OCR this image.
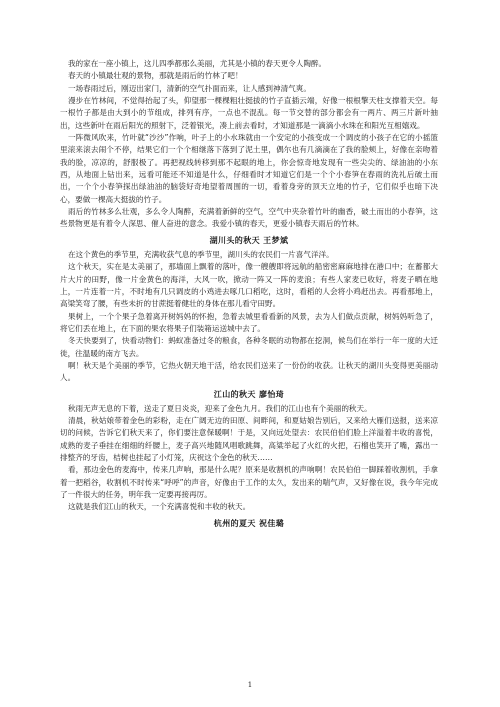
我的家在一座小镇上，这儿四季都那么美丽，尤其是小镇的春天更令人陶醉。
春天的小镇最壮观的景物，那就是雨后的竹林了吧！
一场春雨过后，刚迈出家门，清新的空气扑面而来，让人感到神清气爽。
漫步在竹林间，不觉得抬起了头，仰望那一棵棵粗壮挺拔的竹子直插云端，好像一根根擎天柱支撑着天空。每一根竹子都是由大到小的节组成，排列有序，一点也不混乱。每一节交替的部分都会有一两片、两三片新叶抽出，这些新叶在雨后阳光的照射下，泛着银光，凑上前去看时，才知道那是一滴滴小水珠在和阳光互相嬉戏。
一阵微风吹来，竹叶就“沙沙”作响，叶子上的小水珠就由一个安定的小孩变成一个调皮的小孩子在它的小摇篮里滚来滚去闹个不停，结果它们一个个相继落下落到了泥土里，偶尔也有几滴滴在了我的脸颊上，好像在亲吻着我的脸，凉凉的，舒服极了。再把视线转移到那不起眼的地上，你会惊奇地发现有一些尖尖的、绿油油的小东西，从地面上钻出来，远看可能还不知道是什么，仔细看时才知道它们是一个个小春笋在春雨的洗礼后破土而出，一个个小春笋探出绿油油的脑袋好奇地望着周围的一切，看着身旁的顶天立地的竹子，它们似乎也暗下决心，要做一棵高大挺拔的竹子。
雨后的竹林多么壮观，多么令人陶醉，充满着新鲜的空气，空气中夹杂着竹叶的幽香，破土而出的小春笋，这些景物更是有着令人深思、催人奋进的意念。我爱小镇的春天，更爱小镇春天雨后的竹林。
湖川头的秋天 王梦斌
在这个黄色的季节里，充满收获气息的季节里，湖川头的农民们一片喜气洋洋。
这个秋天，实在是太美丽了，那墙面上飘着的落叶，像一艘艘即将远航的船密密麻麻地排在港口中；在蓄都大片大片的田野，像一片金黄色的海洋，大风一吹，掀动一阵又一阵的麦浪；有些人家麦已收好，将麦子晒在地上，一片连着一片，不时地有几只调皮的小鸡进去啄几口稻吃，这时，看稻的人会将小鸡赶出去。再看那地上，高梁笑弯了腰，有些未折的甘蔗挺着健壮的身体在那儿看守田野。
果树上，一个个果子急着离开树妈妈的怀抱，急着去城里看看新的风景，去为人们做点贡献，树妈妈听急了，将它们丢在地上，在下面的果农将果子们装箱运送城中去了。
冬天快要到了，快看动物们：蚂蚁准备过冬的粮食，各种冬眠的动物都在挖洞，候鸟们在举行一年一度的大迁徙，往温暖的南方飞去。
啊！秋天是个美丽的季节，它热火朝天地干活，给农民们送来了一份份的收获。让秋天的湖川头变得更美丽动人。
江山的秋天 廖怡琦
秋雨无声无息的下着，送走了夏日炎炎，迎来了金色九月。我们的江山也有个美丽的秋天。
清晨，秋姑娘带着金色的彩粉，走在广阔无边的田原、间畔间，和夏姑娘告别后，又来给大雁们送报，送来凉切的问候，告诉它们秋天来了，你们要注意保暖啊！于是，又向远处望去：农民伯伯们脸上洋溢着丰收的喜悦，成熟的麦子垂挂在细细的纤腰上，麦子高兴地随风唱歌跳舞，高粱举起了火红的火把，石榴也笑开了嘴，露出一排整齐的牙齿，桔树也挂起了小灯笼，庆祝这个金色的秋天……
看，那边金色的麦海中，传来几声响，那是什么呢？原来是收割机的声响啊！农民伯伯一脚踩着收割机，手拿着一把稻谷，收割机不时传来“呼呼”的声音，好像由于工作的太久，发出来的喘气声，又好像在说，我今年完成了一件很大的任务，明年我一定要再接再厉。
这就是我们江山的秋天，一个充满喜悦和丰收的秋天。
杭州的夏天 祝佳璐
1
